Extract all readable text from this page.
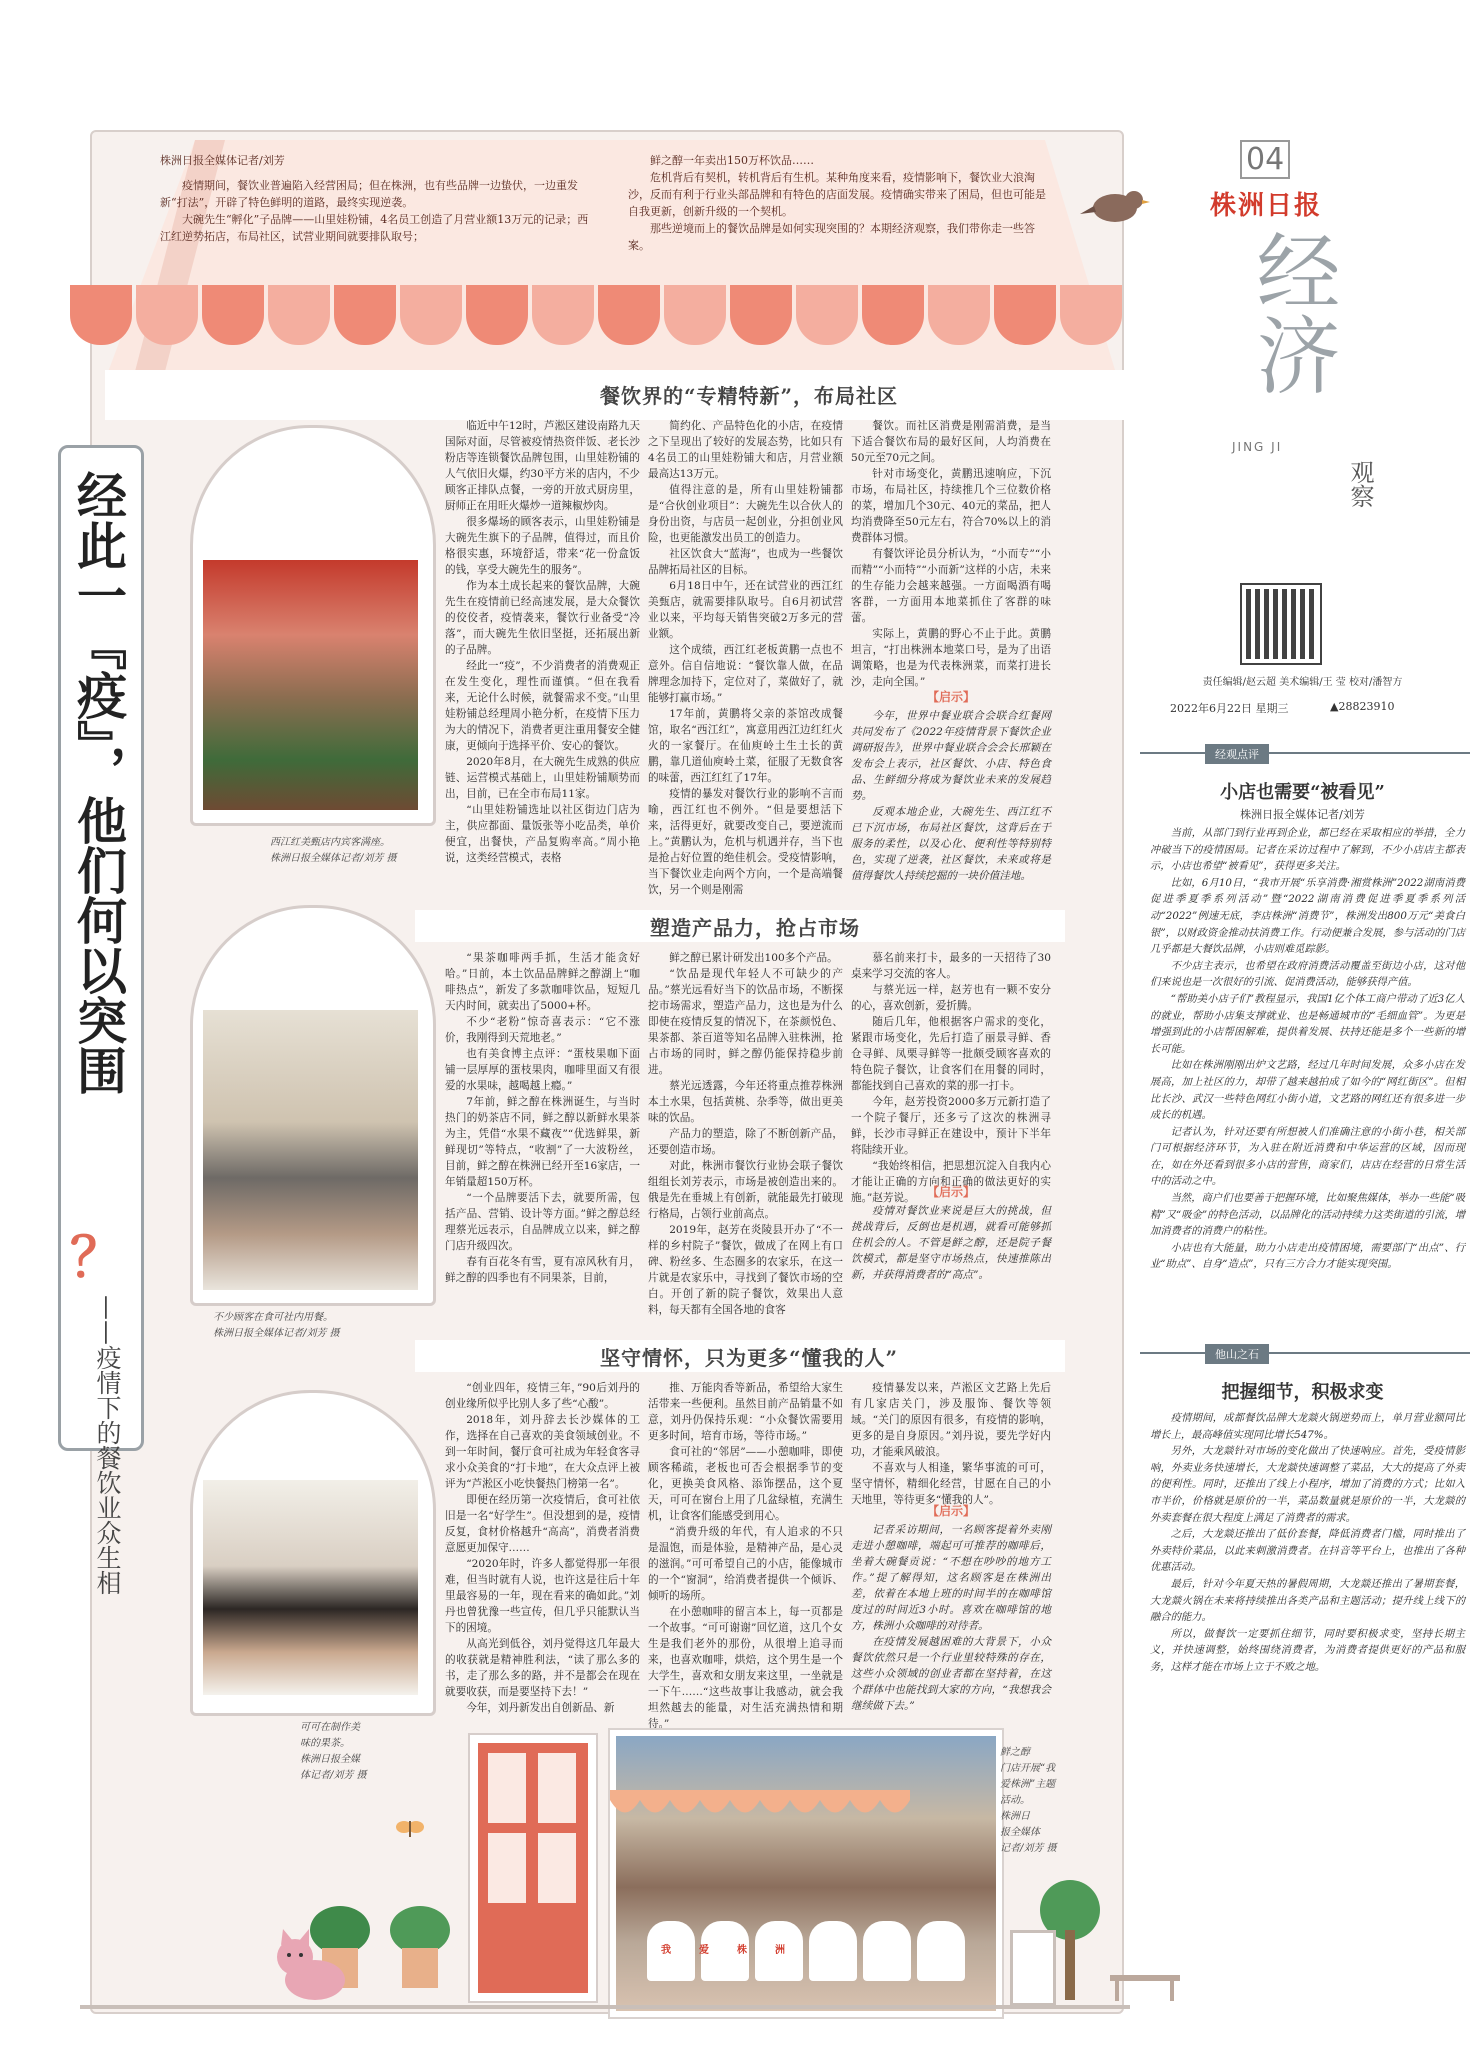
株洲日报全媒体记者/刘芳
疫情期间，餐饮业普遍陷入经营困局；但在株洲，也有些品牌一边蛰伏，一边重发新“打法”，开辟了特色鲜明的道路，最终实现逆袭。
大碗先生“孵化”子品牌——山里娃粉铺，4名员工创造了月营业额13万元的记录；西江红逆势拓店，布局社区，试营业期间就要排队取号；
鲜之醇一年卖出150万杯饮品……
危机背后有契机，转机背后有生机。某种角度来看，疫情影响下，餐饮业大浪淘沙，反而有利于行业头部品牌和有特色的店面发展。疫情确实带来了困局，但也可能是自我更新，创新升级的一个契机。
那些逆境而上的餐饮品牌是如何实现突围的？本期经济观察，我们带你走一些答案。
经此一『疫』，他们何以突围
？
——疫情下的餐饮业众生相
餐饮界的“专精特新”，布局社区
西江红美甄店内宾客满座。
株洲日报全媒体记者/刘芳 摄

临近中午12时，芦淞区建设南路九天国际对面，尽管被疫情热资伴饭、老长沙粉店等连锁餐饮品牌包围，山里娃粉铺的人气依旧火爆，约30平方米的店内，不少顾客正排队点餐，一旁的开放式厨房里，厨师正在用旺火爆炒一道辣椒炒肉。

很多爆场的顾客表示，山里娃粉铺是大碗先生旗下的子品牌，值得过，而且价格很实惠，环境舒适，带来“花一份盒饭的钱，享受大碗先生的服务”。

作为本土成长起来的餐饮品牌，大碗先生在疫情前已经高速发展，是大众餐饮的佼佼者，疫情袭来，餐饮行业备受“冷落”，而大碗先生依旧坚挺，还拓展出新的子品牌。

经此一“疫”，不少消费者的消费观正在发生变化，理性而谨慎。“但在我看来，无论什么时候，就餐需求不变。”山里娃粉铺总经理周小艳分析，在疫情下压力为大的情况下，消费者更注重用餐安全健康，更倾向于选择平价、安心的餐饮。

2020年8月，在大碗先生成熟的供应链、运营模式基础上，山里娃粉铺顺势而出，目前，已在全市布局11家。

“山里娃粉铺选址以社区街边门店为主，供应都面、量饭张等小吃品类，单价便宜，出餐快，产品复购率高。”周小艳说，这类经营模式，表格

简约化、产品特色化的小店，在疫情之下呈现出了较好的发展态势，比如只有4名员工的山里娃粉铺大和店，月营业额最高达13万元。

值得注意的是，所有山里娃粉铺都是“合伙创业项目”：大碗先生以合伙人的身份出资，与店员一起创业，分担创业风险，也更能激发出员工的创造力。

社区饮食大“蓝海”，也成为一些餐饮品牌拓局社区的目标。

6月18日中午，还在试营业的西江红美甄店，就需要排队取号。自6月初试营业以来，平均每天销售突破2万多元的营业额。

这个成绩，西江红老板黄鹏一点也不意外。信自信地说：“餐饮靠人做，在品牌理念加持下，定位对了，菜做好了，就能够打赢市场。”

17年前，黄鹏将父亲的茶馆改成餐馆，取名“西江红”，寓意用西江边红红火火的一家餐厅。在仙庾岭土生土长的黄鹏，靠几道仙庾岭土菜，征服了无数食客的味蕾，西江红红了17年。

疫情的暴发对餐饮行业的影响不言而喻，西江红也不例外。“但是要想活下来，活得更好，就要改变自己，要逆流而上。”黄鹏认为，危机与机遇并存，当下也是抢占好位置的绝佳机会。受疫情影响，当下餐饮业走向两个方向，一个是高端餐饮，另一个则是刚需

餐饮。而社区消费是刚需消费，是当下适合餐饮布局的最好区间，人均消费在50元至70元之间。

针对市场变化，黄鹏迅速响应，下沉市场，布局社区，持续推几个三位数价格的菜，增加几个30元、40元的菜品，把人均消费降至50元左右，符合70%以上的消费群体习惯。

有餐饮评论员分析认为，“小而专”“小而精”“小而特”“小而新”这样的小店，未来的生存能力会越来越强。一方面喝酒有喝客群，一方面用本地菜抓住了客群的味蕾。

实际上，黄鹏的野心不止于此。黄鹏坦言，“打出株洲本地菜口号，是为了出语调策略，也是为代表株洲菜，而菜打进长沙，走向全国。”

【启示】

今年，世界中餐业联合会联合红餐网共同发布了《2022年疫情背景下餐饮企业调研报告》，世界中餐业联合会会长邢颖在发布会上表示，社区餐饮、小店、特色食品、生鲜细分将成为餐饮业未来的发展趋势。

反观本地企业，大碗先生、西江红不已下沉市场，布局社区餐饮，这背后在于服务的柔性，以及心化、便利性等特别特色，实现了逆袭，社区餐饮，未来或将是值得餐饮人持续挖掘的一块价值洼地。

塑造产品力，抢占市场
不少顾客在食可社内用餐。
株洲日报全媒体记者/刘芳 摄

“果茶咖啡两手抓，生活才能贪好哈。”日前，本土饮品品牌鲜之醇湖上“咖啡热点”，新发了多款咖啡饮品，短短几天内时间，就卖出了5000+杯。

不少“老粉”惊奇喜表示：“它不涨价，我刚得到天荒地老。”

也有美食博主点评：“蛋枝果咖下面铺一层厚厚的蛋枝果肉，咖啡里面又有很爱的水果味，越喝越上瘾。”

7年前，鲜之醇在株洲诞生，与当时热门的奶茶店不同，鲜之醇以新鲜水果茶为主，凭借“水果不藏夜”“优选鲜果，新鲜现切”等特点，“收割”了一大波粉丝，目前，鲜之醇在株洲已经开至16家店，一年销量超150万杯。

“一个品牌要活下去，就要所需，包括产品、营销、设计等方面。”鲜之醇总经理蔡光远表示，自品牌成立以来，鲜之醇门店升级四次。

春有百花冬有雪，夏有凉风秋有月，鲜之醇的四季也有不同果茶，目前，

鲜之醇已累计研发出100多个产品。

“饮品是现代年轻人不可缺少的产品。”蔡光远看好当下的饮品市场，不断探挖市场需求，塑造产品力，这也是为什么即使在疫情反复的情况下，在茶颜悦色、果茶都、茶百道等知名品牌入驻株洲，抢占市场的同时，鲜之醇仍能保持稳步前进。

蔡光远透露，今年还将重点推荐株洲本土水果，包括黄桃、杂季等，做出更美味的饮品。

产品力的塑造，除了不断创新产品，还要创造市场。

对此，株洲市餐饮行业协会联子餐饮组组长刘芳表示，市场是被创造出来的。俄是先在垂城上有创新，就能最先打破现行格局，占领行业前高点。

2019年，赵芳在炎陵县开办了“不一样的乡村院子”餐饮，做成了在网上有口碑、粉丝多、生态圈多的农家乐，在这一片就是农家乐中，寻找到了餐饮市场的空白。开创了新的院子餐饮，效果出人意料，每天都有全国各地的食客

慕名前来打卡，最多的一天招待了30桌来学习交流的客人。

与蔡光远一样，赵芳也有一颗不安分的心，喜欢创新，爱折腾。

随后几年，他根据客户需求的变化，紧跟市场变化，先后打造了丽景寻鲜、香仓寻鲜、凤栗寻鲜等一批颇受顾客喜欢的特色院子餐饮，让食客们在用餐的同时，都能找到自己喜欢的菜的那一打卡。

今年，赵芳投资2000多万元新打造了一个院子餐厅，还多亏了这次的株洲寻鲜，长沙市寻鲜正在建设中，预计下半年将陆续开业。

“我始终相信，把思想沉淀入自我内心才能让正确的方向和正确的做法更好的实施。”赵芳说。	【启示】

疫情对餐饮业来说是巨大的挑战，但挑战背后，反倒也是机遇，就看可能够抓住机会的人。不管是鲜之醇，还是院子餐饮模式，都是坚守市场热点，快速推陈出新，并获得消费者的“高点”。

坚守情怀，只为更多“懂我的人”
可可在制作美
味的果茶。
株洲日报全媒
体记者/刘芳 摄

“创业四年，疫情三年，”90后刘丹的创业缘所似乎比别人多了些“心酸”。

2018年，刘丹辞去长沙媒体的工作，选择在自己喜欢的美食领域创业。不到一年时间，餐厅食可社成为年轻食客寻求小众美食的“打卡地”，在大众点评上被评为“芦淞区小吃快餐热门榜第一名”。

即便在经历第一次疫情后，食可社依旧是一名“好学生”。但没想到的是，疫情反复，食材价格越升“高高”，消费者消费意愿更加保守……

“2020年时，许多人都觉得那一年很难，但当时就有人说，也许这是往后十年里最容易的一年，现在看来的确如此。”刘丹也曾犹豫一些宣传，但几乎只能默认当下的困境。

从高光到低谷，刘丹觉得这几年最大的收获就是精神胜利法，“读了那么多的书，走了那么多的路，并不是都会在现在就要收获，而是要坚持下去！”

今年，刘丹新发出自创新品、新

推、万能肉香等新品，希望给大家生活带来一些便利。虽然目前产品销量不如意，刘丹仍保持乐观：“小众餐饮需要用更多时间，培育市场，等待市场。”

食可社的“邻居”——小憩咖啡，即使顾客稀疏，老板也可否会根据季节的变化，更换美食风格、添饰摆品，这个夏天，可可在窗台上用了几盆绿植，充满生机，让食客们能感受到用心。

“消费升级的年代，有人追求的不只是温饱，而是体验，是精神产品，是心灵的滋润。”可可希望自己的小店，能像城市的一个“窗洞”，给消费者提供一个倾诉、倾听的场所。

在小憩咖啡的留言本上，每一页都是一个故事。“可可谢谢”回忆道，这几个女生是我们老外的那份，从很增上追寻而来，也喜欢咖啡，烘焙，这个男生是一个大学生，喜欢和女朋友来这里，一坐就是一下午……“这些故事让我感动，就会我坦然越去的能量，对生活充满热情和期待。”

疫情暴发以来，芦淞区文艺路上先后有几家店关门，涉及服饰、餐饮等领域。“关门的原因有很多，有疫情的影响，更多的是自身原因。”刘丹说，要先学好内功，才能乘风破浪。

不喜欢与人相逢，繁华事流的可可，坚守情怀，精细化经营，甘愿在自己的小天地里，等待更多“懂我的人”。

【启示】

记者采访期间，一名顾客提着外卖刚走进小憩咖啡，端起可可推荐的咖啡后，坐着大碗餐贡说：“不想在吵吵的地方工作。”提了解得知，这名顾客是在株洲出差，依着在本地上班的时间半的在咖啡馆度过的时间近3小时。喜欢在咖啡馆的地方，株洲小众咖啡的对待者。

在疫情发展越困难的大背景下，小众餐饮依然只是一个行业里较特殊的存在，这些小众领域的创业者都在坚持着，在这个群体中也能找到大家的方向，“我想我会继续做下去。”

我爱株洲
鲜之醇
门店开展“我
爱株洲”主题
活动。
株洲日
报全媒体
记者/刘芳 摄
04
株洲日报
经济
JING JI
观察
责任编辑/赵云超 美术编辑/王 莹 校对/潘智方
2022年6月22日 星期三	▲28823910
经观点评
小店也需要“被看见”
株洲日报全媒体记者/刘芳

当前，从部门到行业再到企业，都已经在采取相应的举措，全力冲破当下的疫情困局。记者在采访过程中了解到，不少小店店主都表示，小店也希望“被看见”，获得更多关注。

比如，6月10日，“我市开展“乐享消费·湘赏株洲”2022湖南消费促进季夏季系列活动”暨“2022湖南消费促进季夏季系列活动“2022”例速无底，李店株洲“消费节”，株洲发出800万元“美食白银”，以财政资金推动扶消费工作。行动便兼合发展，参与活动的门店几乎都是大餐饮品牌，小店则难觅踪影。

不少店主表示，也希望在政府消费活动覆盖至街边小店，这对他们来说也是一次很好的引流、促消费活动，能够获得产值。

“帮助美小店子们”教程显示，我国1亿个体工商户带动了近3亿人的就业，帮助小店集支撑就业、也是畅通城市的“毛细血管”。为更是增强到此的小店帮困解难，提供着发展、扶持还能是多个一些新的增长可能。

比如在株洲刚刚出炉文艺路，经过几年时间发展，众多小店在发展高，加上社区的力，却带了越来越拍成了如今的“网红街区”。但相比长沙、武汉一些特色网红小街小道，文艺路的网红还有很多进一步成长的机遇。

记者认为，针对还要有所想被人们准确注意的小街小巷，相关部门可根据经济环节，为入驻在附近消费和中华运营的区域，因而现在，如在外还看到很多小店的营售，商家们，店店在经营的日常生活中的活动之中。

当然，商户们也要善于把握环境，比如聚焦媒体，举办一些能“吸精”又“吸金”的特色活动，以品牌化的活动持续力这类街道的引流，增加消费者的消费户的粘性。

小店也有大能量，助力小店走出疫情困境，需要部门“出点”、行业“助点”、自身“造点”，只有三方合力才能实现突围。

他山之石
把握细节，积极求变

疫情期间，成都餐饮品牌大龙燚火锅逆势而上，单月营业额同比增长上，最高峰值实现同比增长547%。

另外，大龙燚针对市场的变化做出了快速响应。首先，受疫情影响，外卖业务快速增长，大龙燚快速调整了菜品，大大的提高了外卖的便利性。同时，还推出了线上小程序，增加了消费的方式；比如入市半价，价格就是原价的一半，菜品数量就是原价的一半，大龙燚的外卖套餐在很大程度上满足了消费者的需求。

之后，大龙燚还推出了低价套餐，降低消费者门槛，同时推出了外卖特价菜品，以此来刺激消费者。在抖音等平台上，也推出了各种优惠活动。

最后，针对今年夏天热的暑假周期，大龙燚还推出了暑期套餐，大龙燚火锅在未来将持续推出各类产品和主题活动；提升线上线下的融合的能力。

所以，做餐饮一定要抓住细节，同时要积极求变，坚持长期主义，并快速调整，始终围绕消费者，为消费者提供更好的产品和服务，这样才能在市场上立于不败之地。
